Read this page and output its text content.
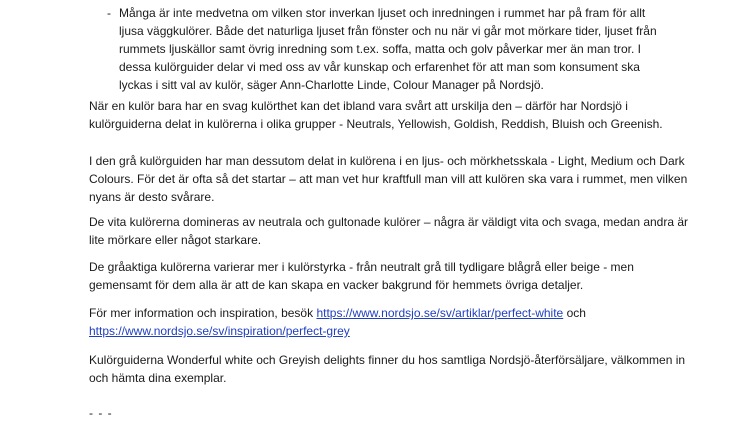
- Många är inte medvetna om vilken stor inverkan ljuset och inredningen i rummet har på fram för allt ljusa väggkulörer. Både det naturliga ljuset från fönster och nu när vi går mot mörkare tider, ljuset från rummets ljuskällor samt övrig inredning som t.ex. soffa, matta och golv påverkar mer än man tror. I dessa kulörguider delar vi med oss av vår kunskap och erfarenhet för att man som konsument ska lyckas i sitt val av kulör, säger Ann-Charlotte Linde, Colour Manager på Nordsjö.

När en kulör bara har en svag kulörthet kan det ibland vara svårt att urskilja den – därför har Nordsjö i kulörguiderna delat in kulörerna i olika grupper - Neutrals, Yellowish, Goldish, Reddish, Bluish och Greenish.

I den grå kulörguiden har man dessutom delat in kulörena i en ljus- och mörkhetsskala - Light, Medium och Dark Colours. För det är ofta så det startar – att man vet hur kraftfull man vill att kulören ska vara i rummet, men vilken nyans är desto svårare.

De vita kulörerna domineras av neutrala och gultonade kulörer – några är väldigt vita och svaga, medan andra är lite mörkare eller något starkare.

De gråaktiga kulörerna varierar mer i kulörstyrka - från neutralt grå till tydligare blågrå eller beige - men gemensamt för dem alla är att de kan skapa en vacker bakgrund för hemmets övriga detaljer.

För mer information och inspiration, besök https://www.nordsjo.se/sv/artiklar/perfect-white och
https://www.nordsjo.se/sv/inspiration/perfect-grey

Kulörguiderna Wonderful white och Greyish delights finner du hos samtliga Nordsjö-återförsäljare, välkommen in och hämta dina exemplar.

- - -
